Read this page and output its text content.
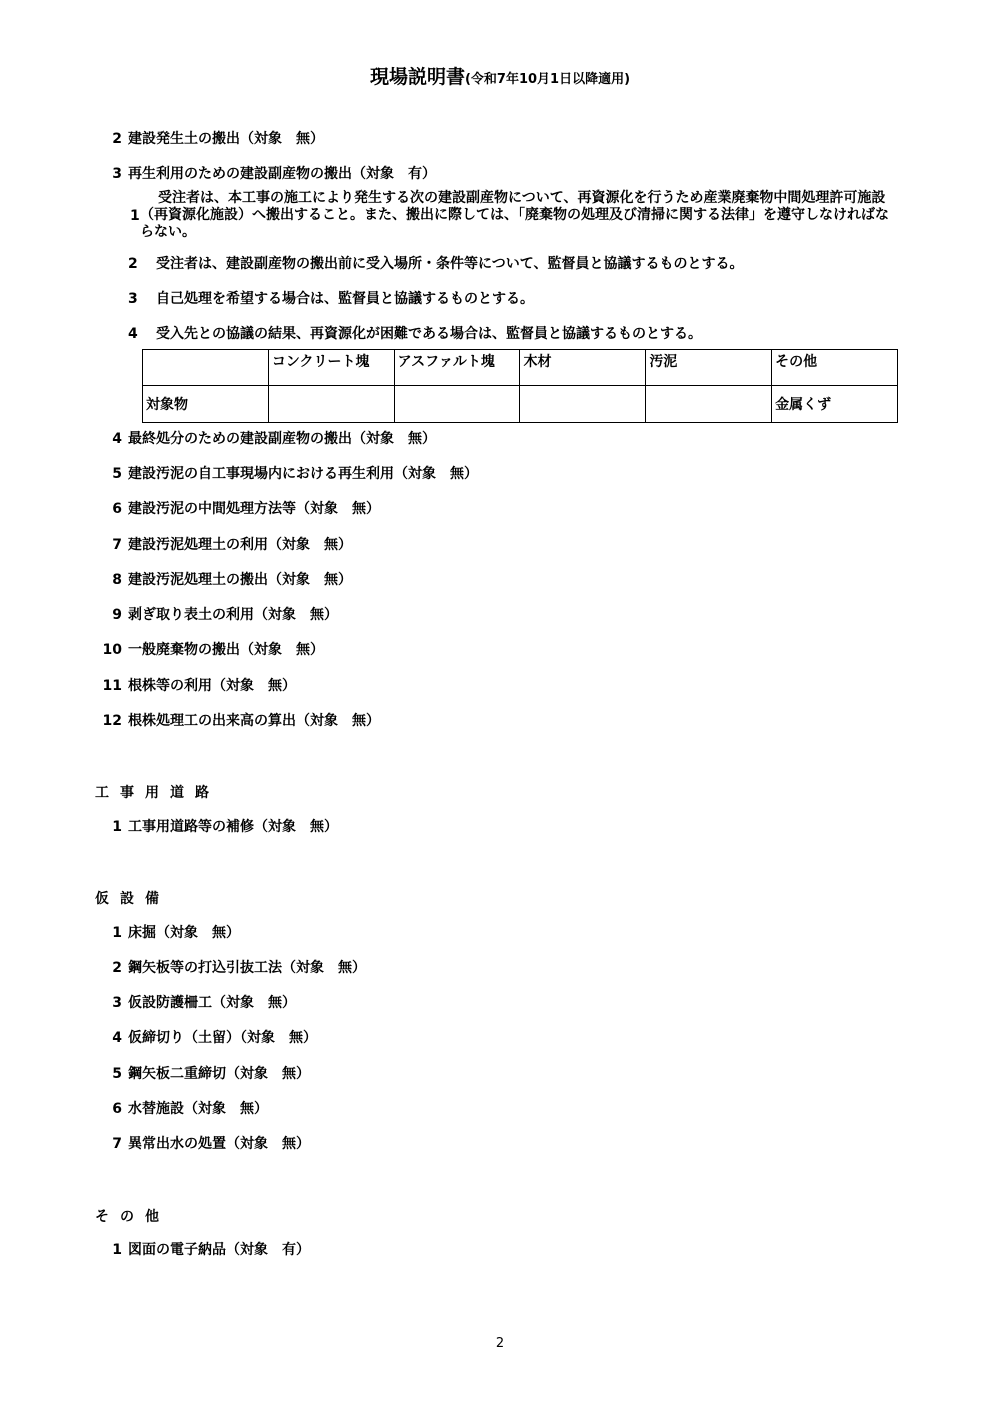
現場説明書(令和7年10月1日以降適用)
2 建設発生土の搬出（対象　無）
3 再生利用のための建設副産物の搬出（対象　有）
1
受注者は、本工事の施工により発生する次の建設副産物について、再資源化を行うため産業廃棄物中間処理許可施設（再資源化施設）へ搬出すること。また、搬出に際しては、「廃棄物の処理及び清掃に関する法律」を遵守しなければならない。
2 受注者は、建設副産物の搬出前に受入場所・条件等について、監督員と協議するものとする。
3 自己処理を希望する場合は、監督員と協議するものとする。
4 受入先との協議の結果、再資源化が困難である場合は、監督員と協議するものとする。
	コンクリート塊	アスファルト塊	木材	汚泥	その他
対象物					金属くず
4 最終処分のための建設副産物の搬出（対象　無）
5 建設汚泥の自工事現場内における再生利用（対象　無）
6 建設汚泥の中間処理方法等（対象　無）
7 建設汚泥処理土の利用（対象　無）
8 建設汚泥処理土の搬出（対象　無）
9 剥ぎ取り表土の利用（対象　無）
10 一般廃棄物の搬出（対象　無）
11 根株等の利用（対象　無）
12 根株処理工の出来高の算出（対象　無）
工事用道路
1 工事用道路等の補修（対象　無）
仮設備
1 床掘（対象　無）
2 鋼矢板等の打込引抜工法（対象　無）
3 仮設防護柵工（対象　無）
4 仮締切り（土留）（対象　無）
5 鋼矢板二重締切（対象　無）
6 水替施設（対象　無）
7 異常出水の処置（対象　無）
その他
1 図面の電子納品（対象　有）
2
